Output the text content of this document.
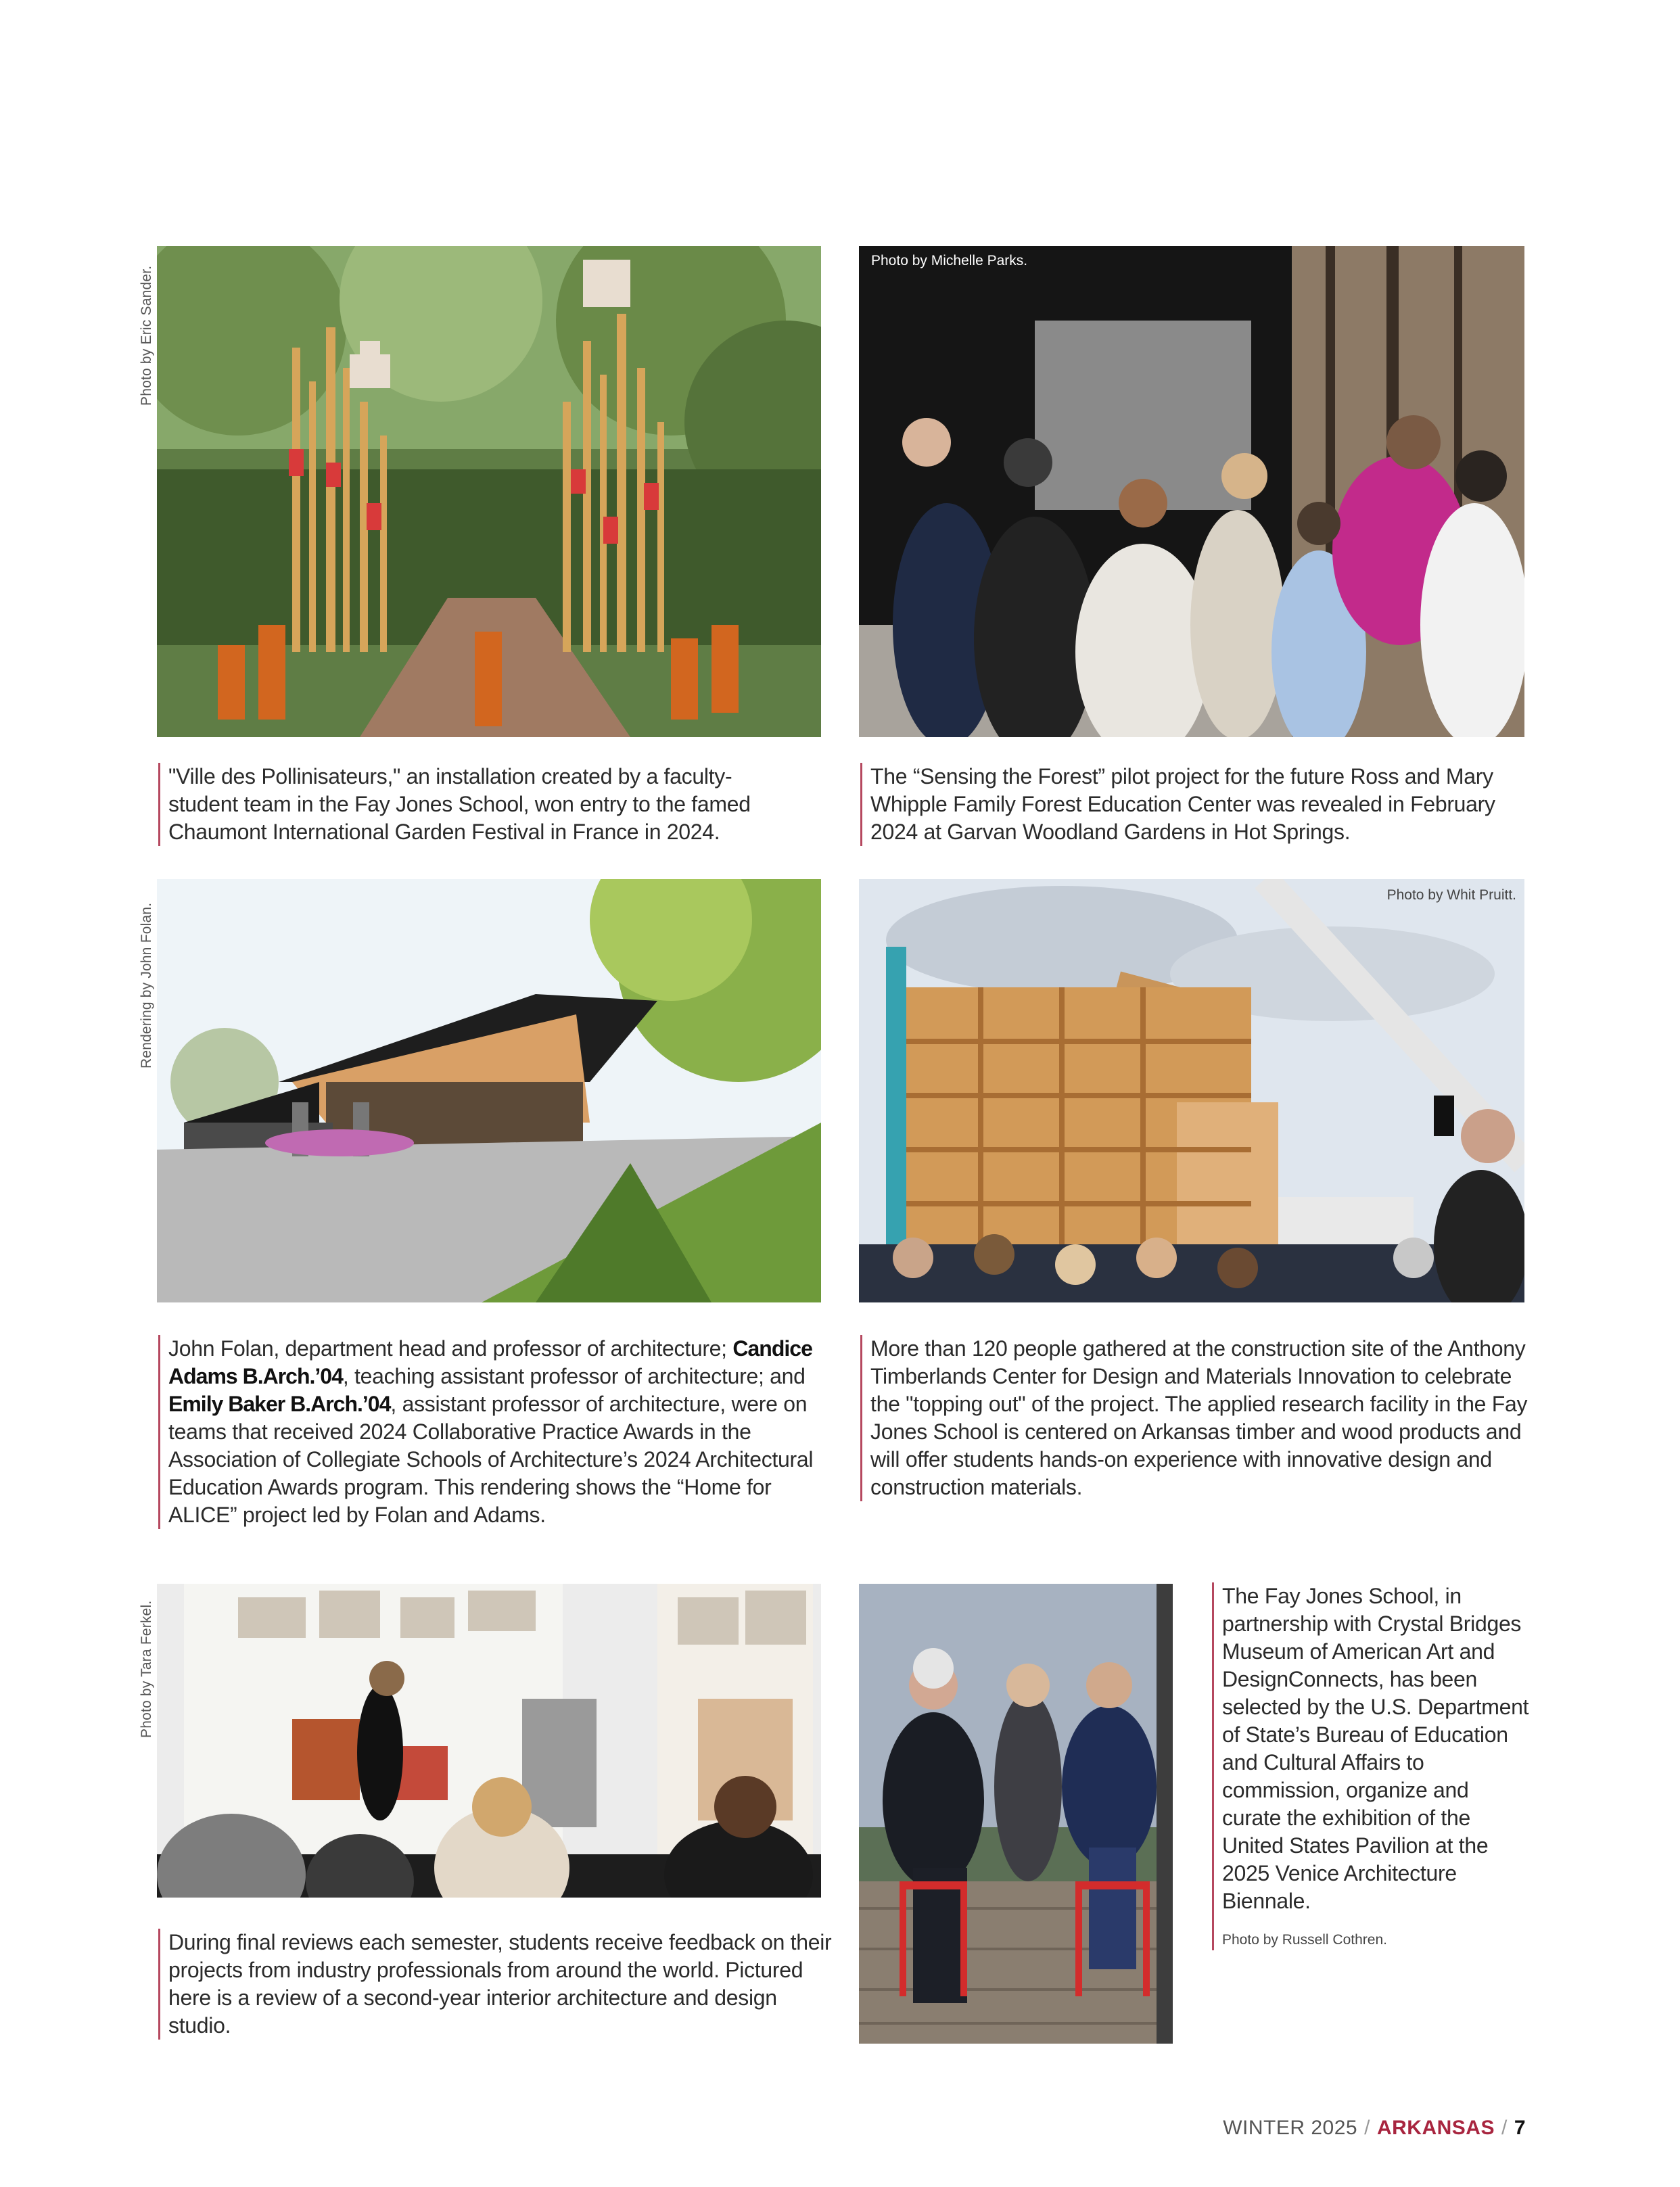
Photo by Eric Sander.
"Ville des Pollinisateurs," an installation created by a faculty-student team in the Fay Jones School, won entry to the famed Chaumont International Garden Festival in France in 2024.
Photo by Michelle Parks.
The “Sensing the Forest” pilot project for the future Ross and Mary Whipple Family Forest Education Center was revealed in February 2024 at Garvan Woodland Gardens in Hot Springs.
Rendering by John Folan.
John Folan, department head and professor of architecture; Candice Adams B.Arch.’04, teaching assistant professor of architecture; and Emily Baker B.Arch.’04, assistant professor of architecture, were on teams that received 2024 Collaborative Practice Awards in the Association of Collegiate Schools of Architecture’s 2024 Architectural Education Awards program. This rendering shows the “Home for ALICE” project led by Folan and Adams.
Photo by Whit Pruitt.
More than 120 people gathered at the construction site of the Anthony Timberlands Center for Design and Materials Innovation to celebrate the "topping out" of the project. The applied research facility in the Fay Jones School is centered on Arkansas timber and wood products and will offer students hands-on experience with innovative design and construction materials.
Photo by Tara Ferkel.
During final reviews each semester, students receive feedback on their projects from industry professionals from around the world. Pictured here is a review of a second-year interior architecture and design studio.
The Fay Jones School, in partnership with Crystal Bridges Museum of American Art and DesignConnects, has been selected by the U.S. Department of State’s Bureau of Education and Cultural Affairs to commission, organize and curate the exhibition of the United States Pavilion at the 2025 Venice Architecture Biennale.
Photo by Russell Cothren.
WINTER 2025 / ARKANSAS / 7
